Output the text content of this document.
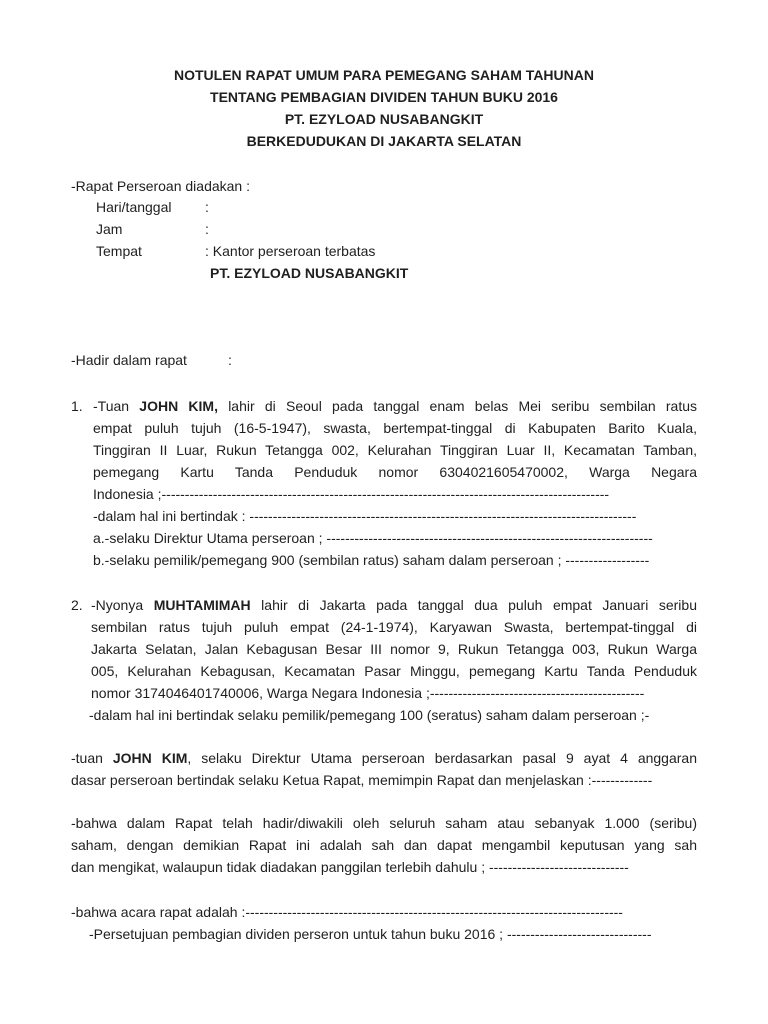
NOTULEN RAPAT UMUM PARA PEMEGANG SAHAM TAHUNAN
TENTANG PEMBAGIAN DIVIDEN TAHUN BUKU 2016
PT. EZYLOAD NUSABANGKIT
BERKEDUDUKAN DI JAKARTA SELATAN
-Rapat Perseroan diadakan :
Hari/tanggal :
Jam	:
Tempat	: Kantor perseroan terbatas
PT. EZYLOAD NUSABANGKIT
-Hadir dalam rapat	:
1. -Tuan JOHN KIM, lahir di Seoul pada tanggal enam belas Mei seribu sembilan ratus
empat puluh tujuh (16-5-1947), swasta, bertempat-tinggal di Kabupaten Barito Kuala,
Tinggiran II Luar, Rukun Tetangga 002, Kelurahan Tinggiran Luar II, Kecamatan Tamban,
pemegang Kartu Tanda Penduduk nomor 6304021605470002, Warga Negara
Indonesia ;------------------------------------------------------------------------------------------------
-dalam hal ini bertindak : -----------------------------------------------------------------------------------
a.-selaku Direktur Utama perseroan ; ----------------------------------------------------------------------
b.-selaku pemilik/pemegang 900 (sembilan ratus) saham dalam perseroan ; ------------------
2. -Nyonya MUHTAMIMAH lahir di Jakarta pada tanggal dua puluh empat Januari seribu
sembilan ratus tujuh puluh empat (24-1-1974), Karyawan Swasta, bertempat-tinggal di
Jakarta Selatan, Jalan Kebagusan Besar III nomor 9, Rukun Tetangga 003, Rukun Warga
005, Kelurahan Kebagusan, Kecamatan Pasar Minggu, pemegang Kartu Tanda Penduduk
nomor 3174046401740006, Warga Negara Indonesia ;----------------------------------------------
-dalam hal ini bertindak selaku pemilik/pemegang 100 (seratus) saham dalam perseroan ;-
-tuan JOHN KIM, selaku Direktur Utama perseroan berdasarkan pasal 9 ayat 4 anggaran
dasar perseroan bertindak selaku Ketua Rapat, memimpin Rapat dan menjelaskan :-------------
-bahwa dalam Rapat telah hadir/diwakili oleh seluruh saham atau sebanyak 1.000 (seribu)
saham, dengan demikian Rapat ini adalah sah dan dapat mengambil keputusan yang sah
dan mengikat, walaupun tidak diadakan panggilan terlebih dahulu ; ------------------------------
-bahwa acara rapat adalah :---------------------------------------------------------------------------------
-Persetujuan pembagian dividen perseron untuk tahun buku 2016 ; -------------------------------
